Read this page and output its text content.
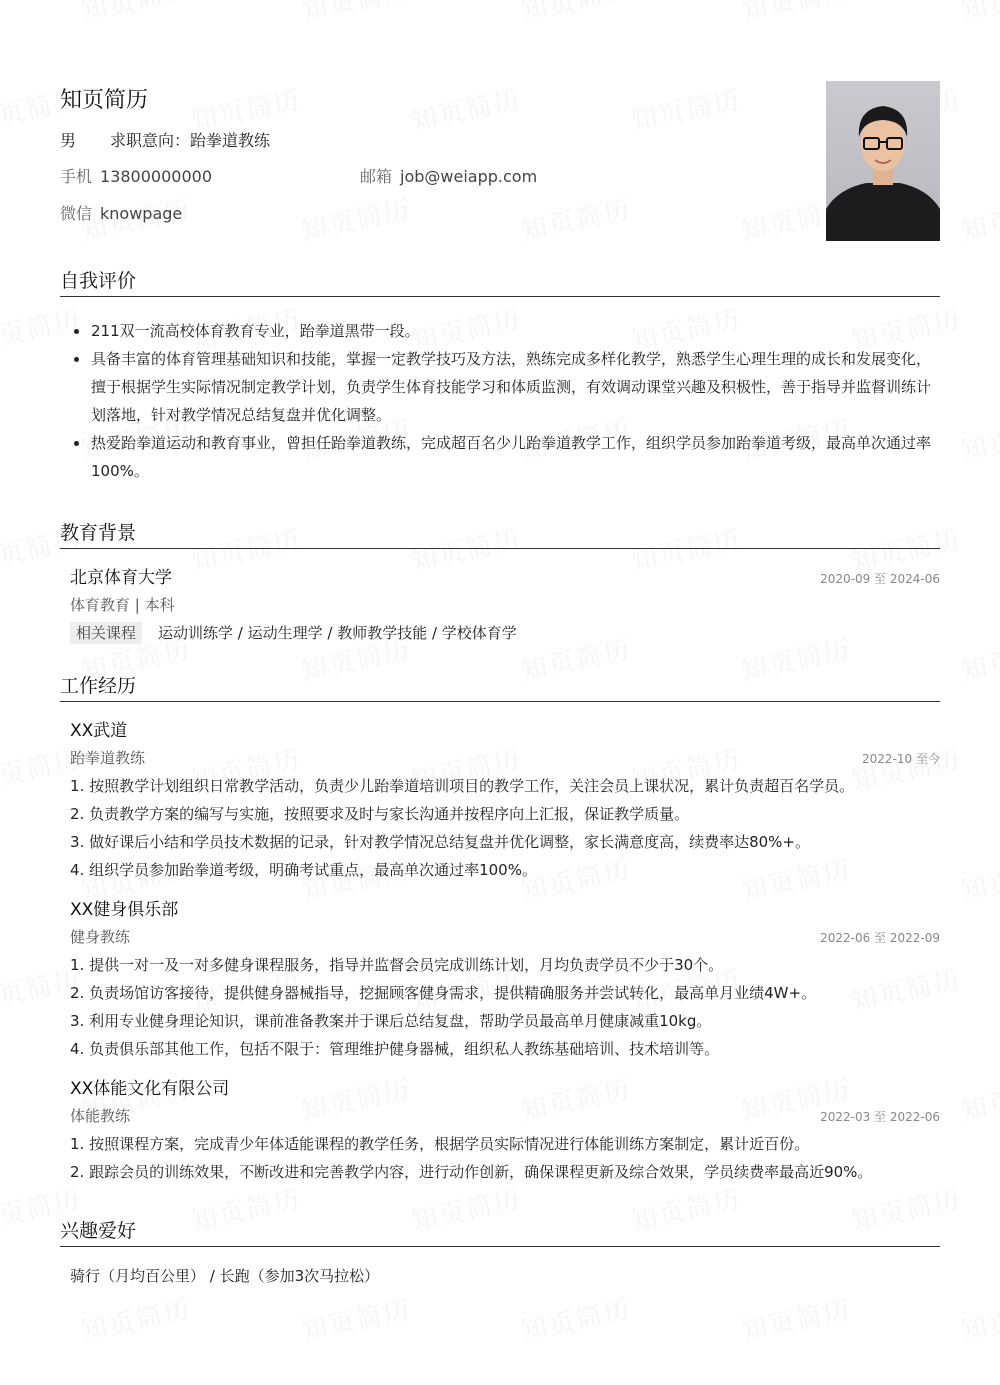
知页简历
男 求职意向：跆拳道教练
手机 13800000000	邮箱 job@weiapp.com
微信 knowpage
自我评价
211双一流高校体育教育专业，跆拳道黑带一段。
具备丰富的体育管理基础知识和技能，掌握一定教学技巧及方法，熟练完成多样化教学，熟悉学生心理生理的成长和发展变化，擅于根据学生实际情况制定教学计划，负责学生体育技能学习和体质监测，有效调动课堂兴趣及积极性，善于指导并监督训练计划落地，针对教学情况总结复盘并优化调整。
热爱跆拳道运动和教育事业，曾担任跆拳道教练，完成超百名少儿跆拳道教学工作，组织学员参加跆拳道考级，最高单次通过率100%。
教育背景
北京体育大学	2020-09 至 2024-06
体育教育 | 本科
相关课程 运动训练学 / 运动生理学 / 教师教学技能 / 学校体育学
工作经历
XX武道
跆拳道教练	2022-10 至今
1. 按照教学计划组织日常教学活动，负责少儿跆拳道培训项目的教学工作，关注会员上课状况，累计负责超百名学员。
2. 负责教学方案的编写与实施，按照要求及时与家长沟通并按程序向上汇报，保证教学质量。
3. 做好课后小结和学员技术数据的记录，针对教学情况总结复盘并优化调整，家长满意度高，续费率达80%+。
4. 组织学员参加跆拳道考级，明确考试重点，最高单次通过率100%。
XX健身俱乐部
健身教练	2022-06 至 2022-09
1. 提供一对一及一对多健身课程服务，指导并监督会员完成训练计划，月均负责学员不少于30个。
2. 负责场馆访客接待，提供健身器械指导，挖掘顾客健身需求，提供精确服务并尝试转化，最高单月业绩4W+。
3. 利用专业健身理论知识，课前准备教案并于课后总结复盘，帮助学员最高单月健康减重10kg。
4. 负责俱乐部其他工作，包括不限于：管理维护健身器械，组织私人教练基础培训、技术培训等。
XX体能文化有限公司
体能教练	2022-03 至 2022-06
1. 按照课程方案，完成青少年体适能课程的教学任务，根据学员实际情况进行体能训练方案制定，累计近百份。
2. 跟踪会员的训练效果，不断改进和完善教学内容，进行动作创新，确保课程更新及综合效果，学员续费率最高近90%。
兴趣爱好
骑行（月均百公里） / 长跑（参加3次马拉松）
